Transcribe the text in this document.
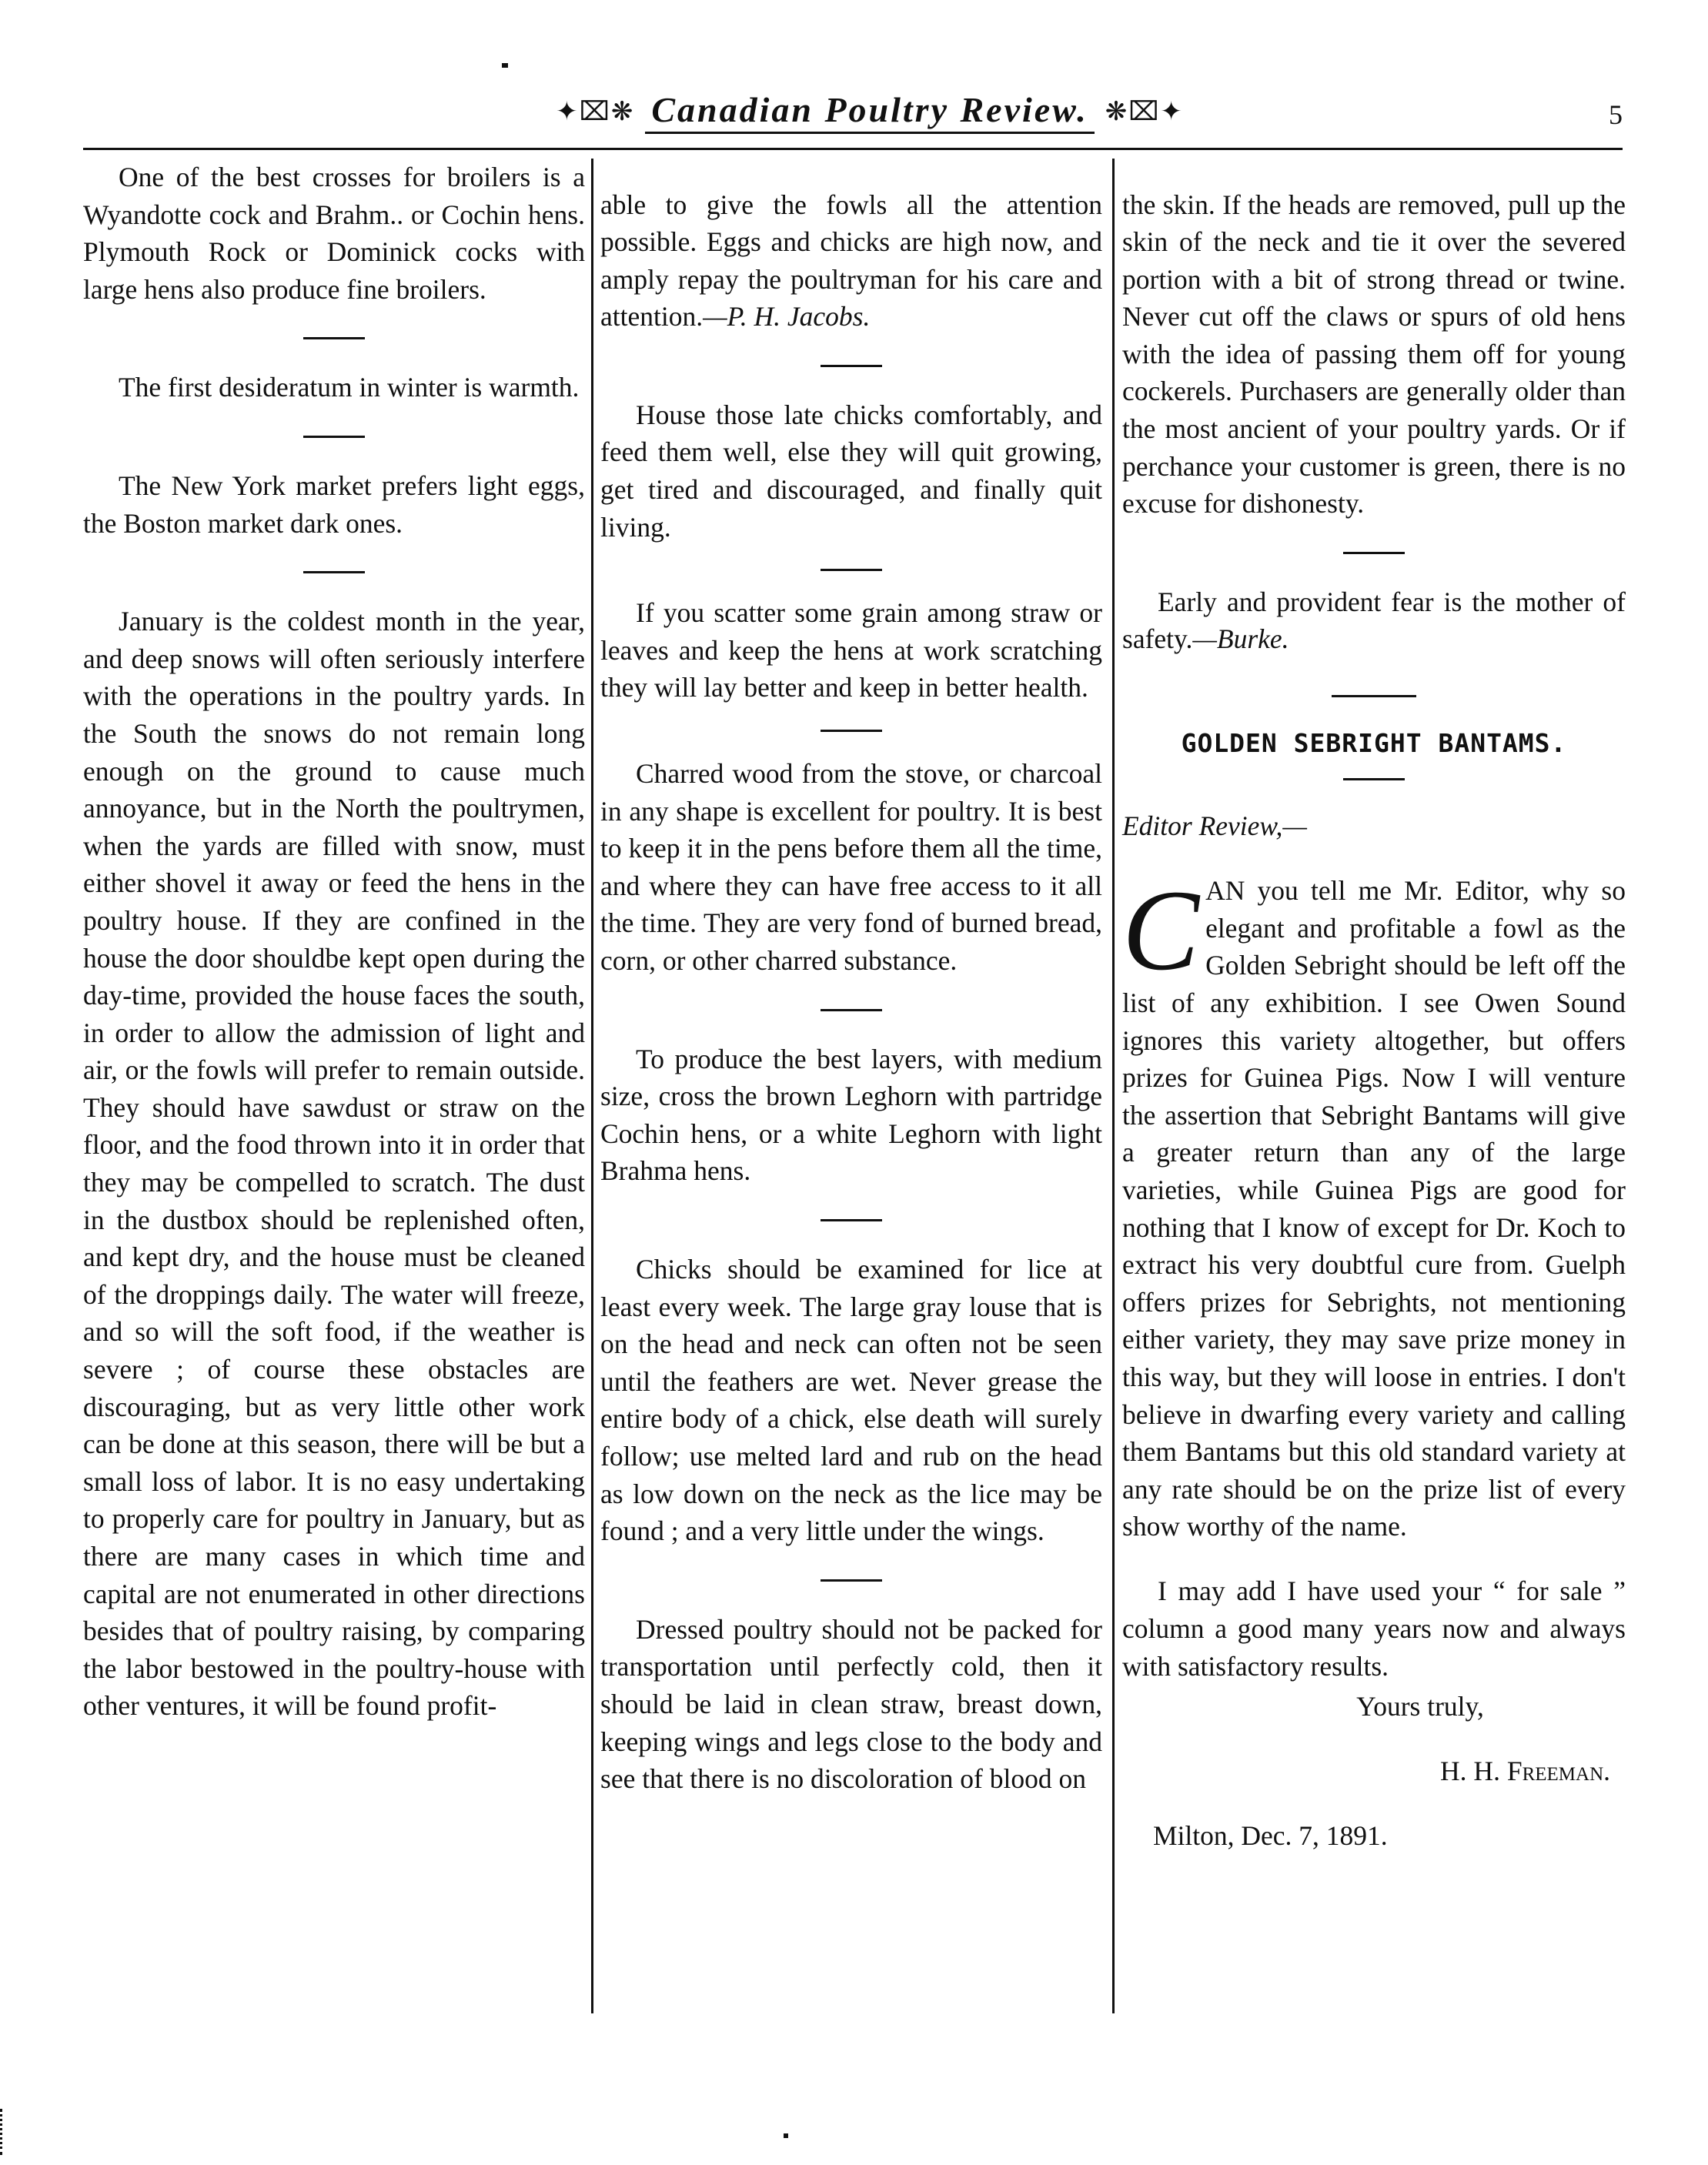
✦⌧❋ Canadian Poultry Review. ❋⌧✦	5

One of the best crosses for broilers is a Wyandotte cock and Brahm.. or Cochin hens. Plymouth Rock or Dominick cocks with large hens also produce fine broilers.

The first desideratum in winter is warmth.

The New York market prefers light eggs, the Boston market dark ones.

January is the coldest month in the year, and deep snows will often seriously interfere with the operations in the poultry yards. In the South the snows do not remain long enough on the ground to cause much annoyance, but in the North the poultrymen, when the yards are filled with snow, must either shovel it away or feed the hens in the poultry house. If they are confined in the house the door shouldbe kept open during the day-time, provided the house faces the south, in order to allow the admission of light and air, or the fowls will prefer to remain outside. They should have sawdust or straw on the floor, and the food thrown into it in order that they may be compelled to scratch. The dust in the dustbox should be replenished often, and kept dry, and the house must be cleaned of the droppings daily. The water will freeze, and so will the soft food, if the weather is severe ; of course these obstacles are discouraging, but as very little other work can be done at this season, there will be but a small loss of labor. It is no easy undertaking to properly care for poultry in January, but as there are many cases in which time and capital are not enumerated in other directions besides that of poultry raising, by comparing the labor bestowed in the poultry-house with other ventures, it will be found profit-

able to give the fowls all the attention possible. Eggs and chicks are high now, and amply repay the poultryman for his care and attention.—P. H. Jacobs.

House those late chicks comfortably, and feed them well, else they will quit growing, get tired and discouraged, and finally quit living.

If you scatter some grain among straw or leaves and keep the hens at work scratching they will lay better and keep in better health.

Charred wood from the stove, or charcoal in any shape is excellent for poultry. It is best to keep it in the pens before them all the time, and where they can have free access to it all the time. They are very fond of burned bread, corn, or other charred substance.

To produce the best layers, with medium size, cross the brown Leghorn with partridge Cochin hens, or a white Leghorn with light Brahma hens.

Chicks should be examined for lice at least every week. The large gray louse that is on the head and neck can often not be seen until the feathers are wet. Never grease the entire body of a chick, else death will surely follow; use melted lard and rub on the head as low down on the neck as the lice may be found ; and a very little under the wings.

Dressed poultry should not be packed for transportation until perfectly cold, then it should be laid in clean straw, breast down, keeping wings and legs close to the body and see that there is no discoloration of blood on

the skin. If the heads are removed, pull up the skin of the neck and tie it over the severed portion with a bit of strong thread or twine. Never cut off the claws or spurs of old hens with the idea of passing them off for young cockerels. Purchasers are generally older than the most ancient of your poultry yards. Or if perchance your customer is green, there is no excuse for dishonesty.

Early and provident fear is the mother of safety.—Burke.

GOLDEN SEBRIGHT BANTAMS.

Editor Review,—

CAN you tell me Mr. Editor, why so elegant and profitable a fowl as the Golden Sebright should be left off the list of any exhibition. I see Owen Sound ignores this variety altogether, but offers prizes for Guinea Pigs. Now I will venture the assertion that Sebright Bantams will give a greater return than any of the large varieties, while Guinea Pigs are good for nothing that I know of except for Dr. Koch to extract his very doubtful cure from. Guelph offers prizes for Sebrights, not mentioning either variety, they may save prize money in this way, but they will loose in entries. I don't believe in dwarfing every variety and calling them Bantams but this old standard variety at any rate should be on the prize list of every show worthy of the name.

I may add I have used your “ for sale ” column a good many years now and always with satisfactory results.

Yours truly,

H. H. Freeman.

Milton, Dec. 7, 1891.
